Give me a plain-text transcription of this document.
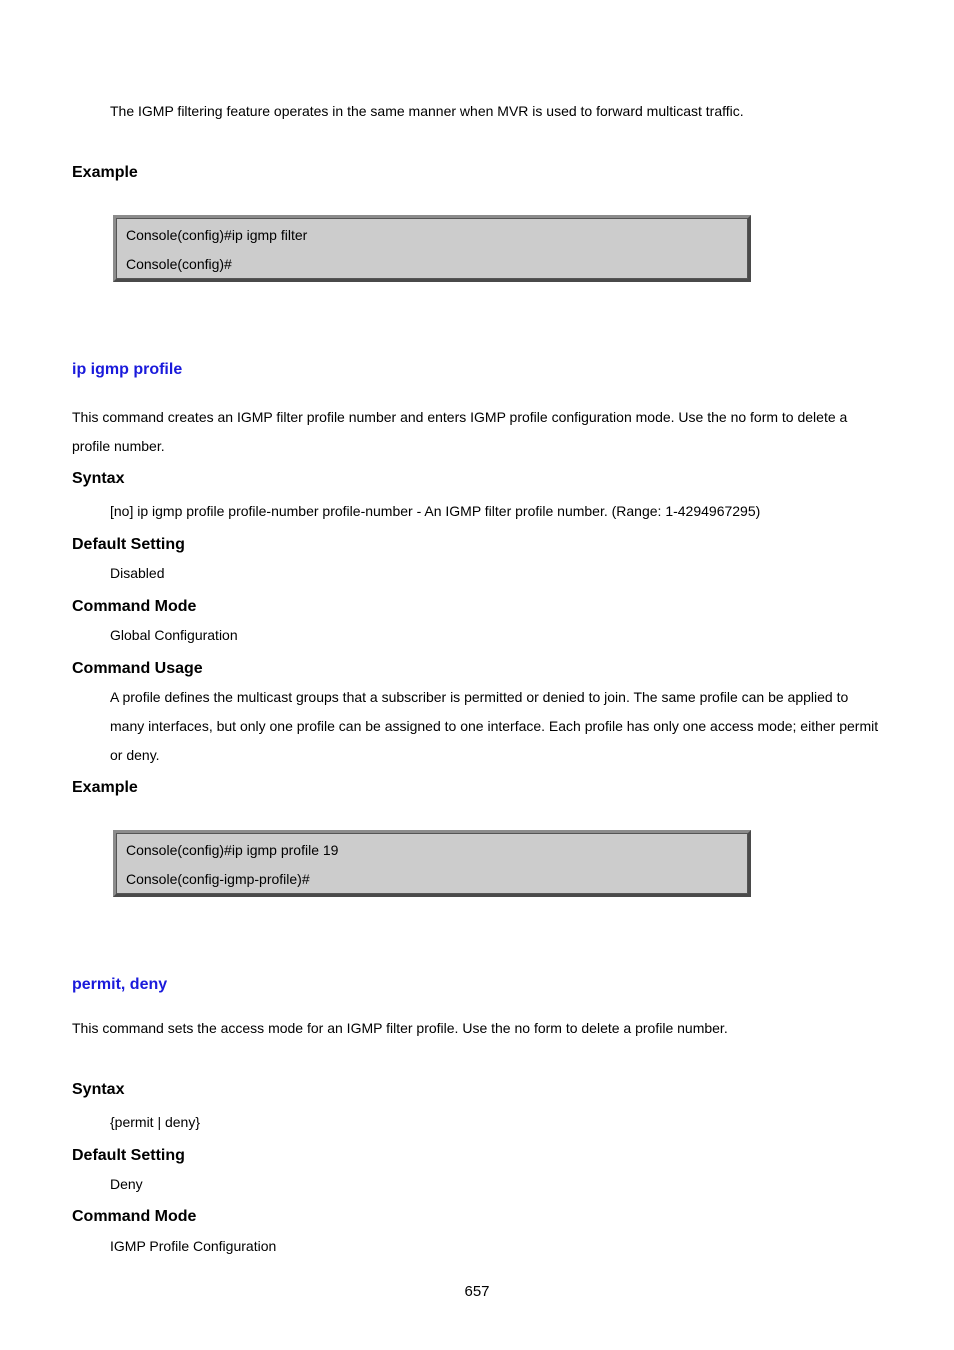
The IGMP filtering feature operates in the same manner when MVR is used to forward multicast traffic.
Example
Console(config)#ip igmp filter
Console(config)#
ip igmp profile
This command creates an IGMP filter profile number and enters IGMP profile configuration mode. Use the no form to delete a profile number.
Syntax
[no] ip igmp profile profile-number profile-number - An IGMP filter profile number. (Range: 1-4294967295)
Default Setting
Disabled
Command Mode
Global Configuration
Command Usage
A profile defines the multicast groups that a subscriber is permitted or denied to join. The same profile can be applied to many interfaces, but only one profile can be assigned to one interface. Each profile has only one access mode; either permit or deny.
Example
Console(config)#ip igmp profile 19
Console(config-igmp-profile)#
permit, deny
This command sets the access mode for an IGMP filter profile. Use the no form to delete a profile number.
Syntax
{permit | deny}
Default Setting
Deny
Command Mode
IGMP Profile Configuration
657
